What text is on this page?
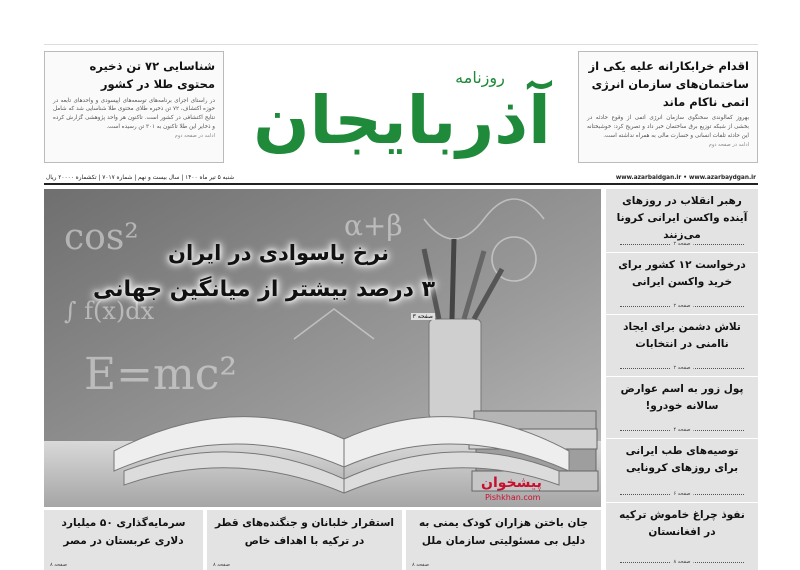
شناسایی ۷۲ تن ذخیره محتوی طلا در کشور

در راستای اجرای برنامه‌های توسعه‌های اپیسودی و واحدهای تابعه در حوزه اکتشاف، ۷۲ تن ذخیره طلای محتوی طلا شناسایی شد که شامل نتایج اکتشافی در کشور است. تاکنون هر واحد پژوهشی گزارش کرده و ذخایر این طلا تاکنون به ۳۰۱ تن رسیده است.

ادامه در صفحه دوم آذربایجان
روزنامه
اقدام خرابکارانه علیه یکی از ساختمان‌های سازمان انرژی اتمی ناکام ماند

بهروز کمالوندی سخنگوی سازمان انرژی اتمی از وقوع حادثه در بخشی از شبکه توزیع برق ساختمان خبر داد و تصریح کرد: خوشبختانه این حادثه تلفات انسانی و خسارت مالی به همراه نداشته است.

ادامه در صفحه دوم
www.azarbaidgan.ir • www.azarbaydgan.ir
شنبه ۵ تیر ماه ۱۴۰۰ | سال بیست و نهم | شماره ۷۰۱۷ | تکشماره ۲۰۰۰۰ ریال
cos²
E=mc²
α+β
∫ f(x)dx
نرخ باسوادی در ایران
۳ درصد بیشتر از میانگین جهانی
صفحه ۳
پیشخوان
Pishkhan.com
رهبر انقلاب در روزهای آینده واکسن ایرانی کرونا می‌زنند
صفحه ۲
درخواست ۱۲ کشور برای خرید واکسن ایرانی
صفحه ۲
تلاش دشمن برای ایجاد ناامنی در انتخابات
صفحه ۲
پول زور به اسم عوارض سالانه خودرو!
صفحه ۴
توصیه‌های طب ایرانی برای روزهای کرونایی
صفحه ۶
نفوذ چراغ خاموش ترکیه در افغانستان
صفحه ۸
جان باختن هزاران کودک یمنی به دلیل بی مسئولیتی سازمان ملل
صفحه ۸
استقرار خلبانان و جنگنده‌های قطر در ترکیه با اهداف خاص
صفحه ۸
سرمایه‌گذاری ۵۰ میلیارد دلاری عربستان در مصر
صفحه ۸
